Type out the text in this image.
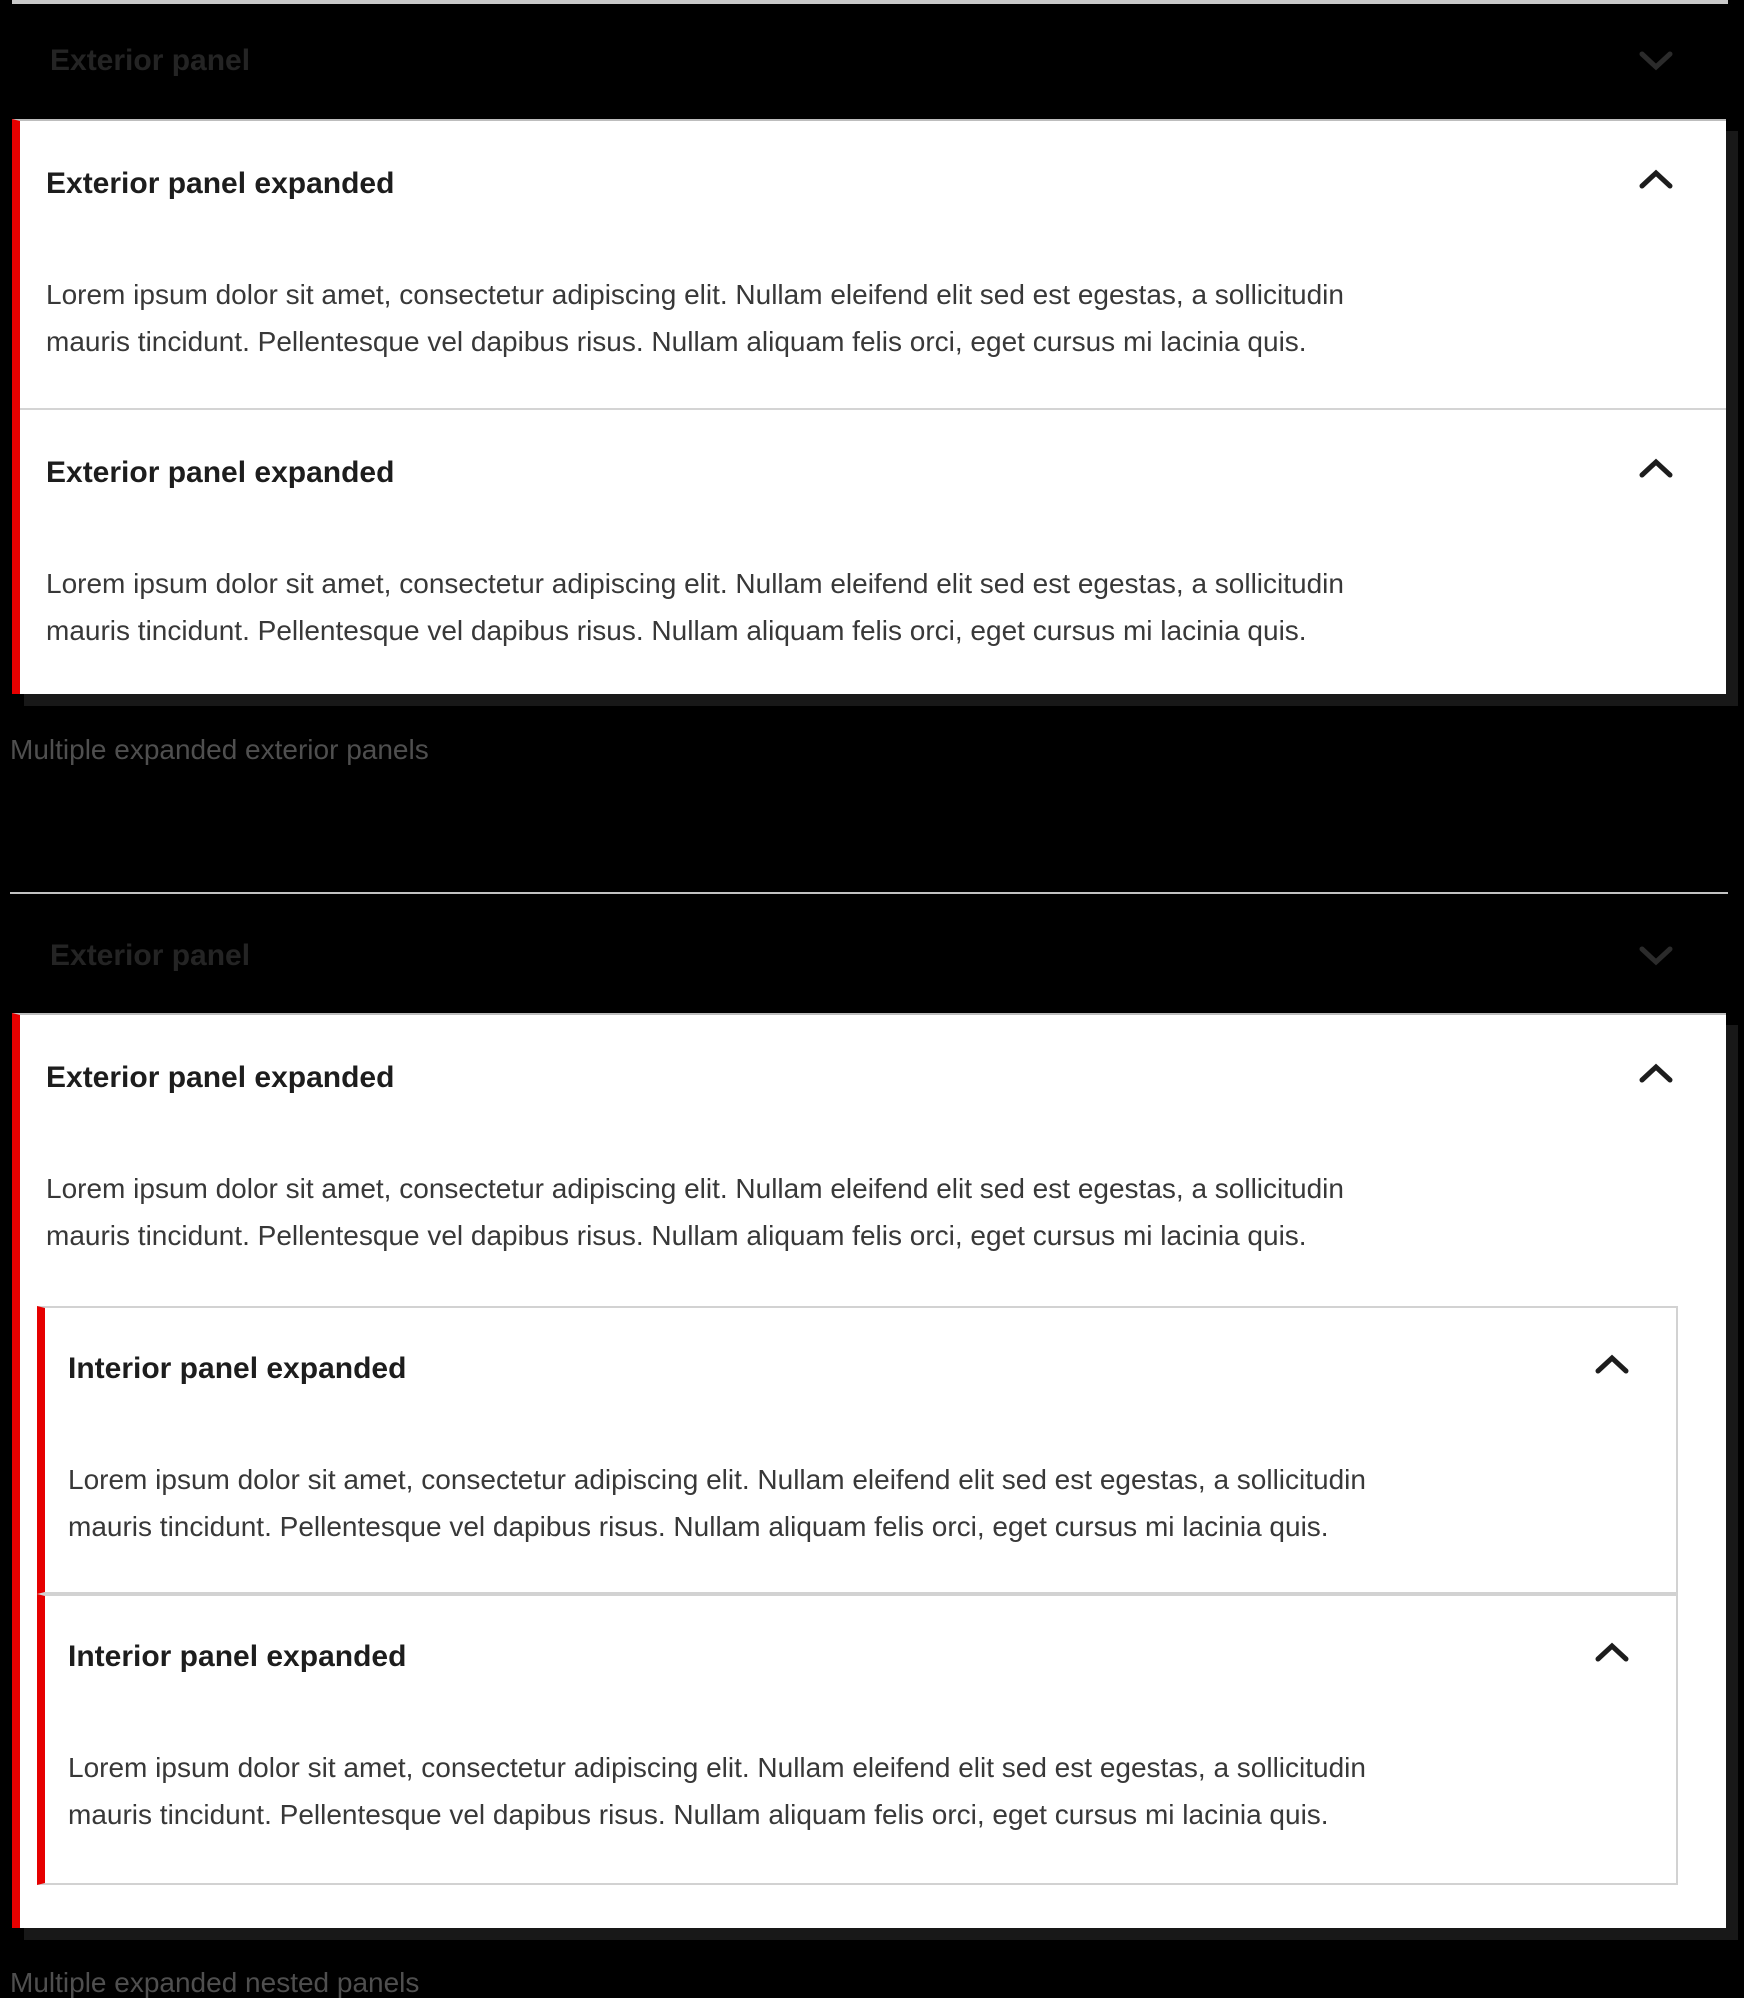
Exterior panel
Exterior panel expanded
Lorem ipsum dolor sit amet, consectetur adipiscing elit. Nullam eleifend elit sed est egestas, a sollicitudin
mauris tincidunt. Pellentesque vel dapibus risus. Nullam aliquam felis orci, eget cursus mi lacinia quis.
Exterior panel expanded
Lorem ipsum dolor sit amet, consectetur adipiscing elit. Nullam eleifend elit sed est egestas, a sollicitudin
mauris tincidunt. Pellentesque vel dapibus risus. Nullam aliquam felis orci, eget cursus mi lacinia quis.
Multiple expanded exterior panels
Exterior panel
Exterior panel expanded
Lorem ipsum dolor sit amet, consectetur adipiscing elit. Nullam eleifend elit sed est egestas, a sollicitudin
mauris tincidunt. Pellentesque vel dapibus risus. Nullam aliquam felis orci, eget cursus mi lacinia quis.
Interior panel expanded
Lorem ipsum dolor sit amet, consectetur adipiscing elit. Nullam eleifend elit sed est egestas, a sollicitudin
mauris tincidunt. Pellentesque vel dapibus risus. Nullam aliquam felis orci, eget cursus mi lacinia quis.
Interior panel expanded
Lorem ipsum dolor sit amet, consectetur adipiscing elit. Nullam eleifend elit sed est egestas, a sollicitudin
mauris tincidunt. Pellentesque vel dapibus risus. Nullam aliquam felis orci, eget cursus mi lacinia quis.
Multiple expanded nested panels
